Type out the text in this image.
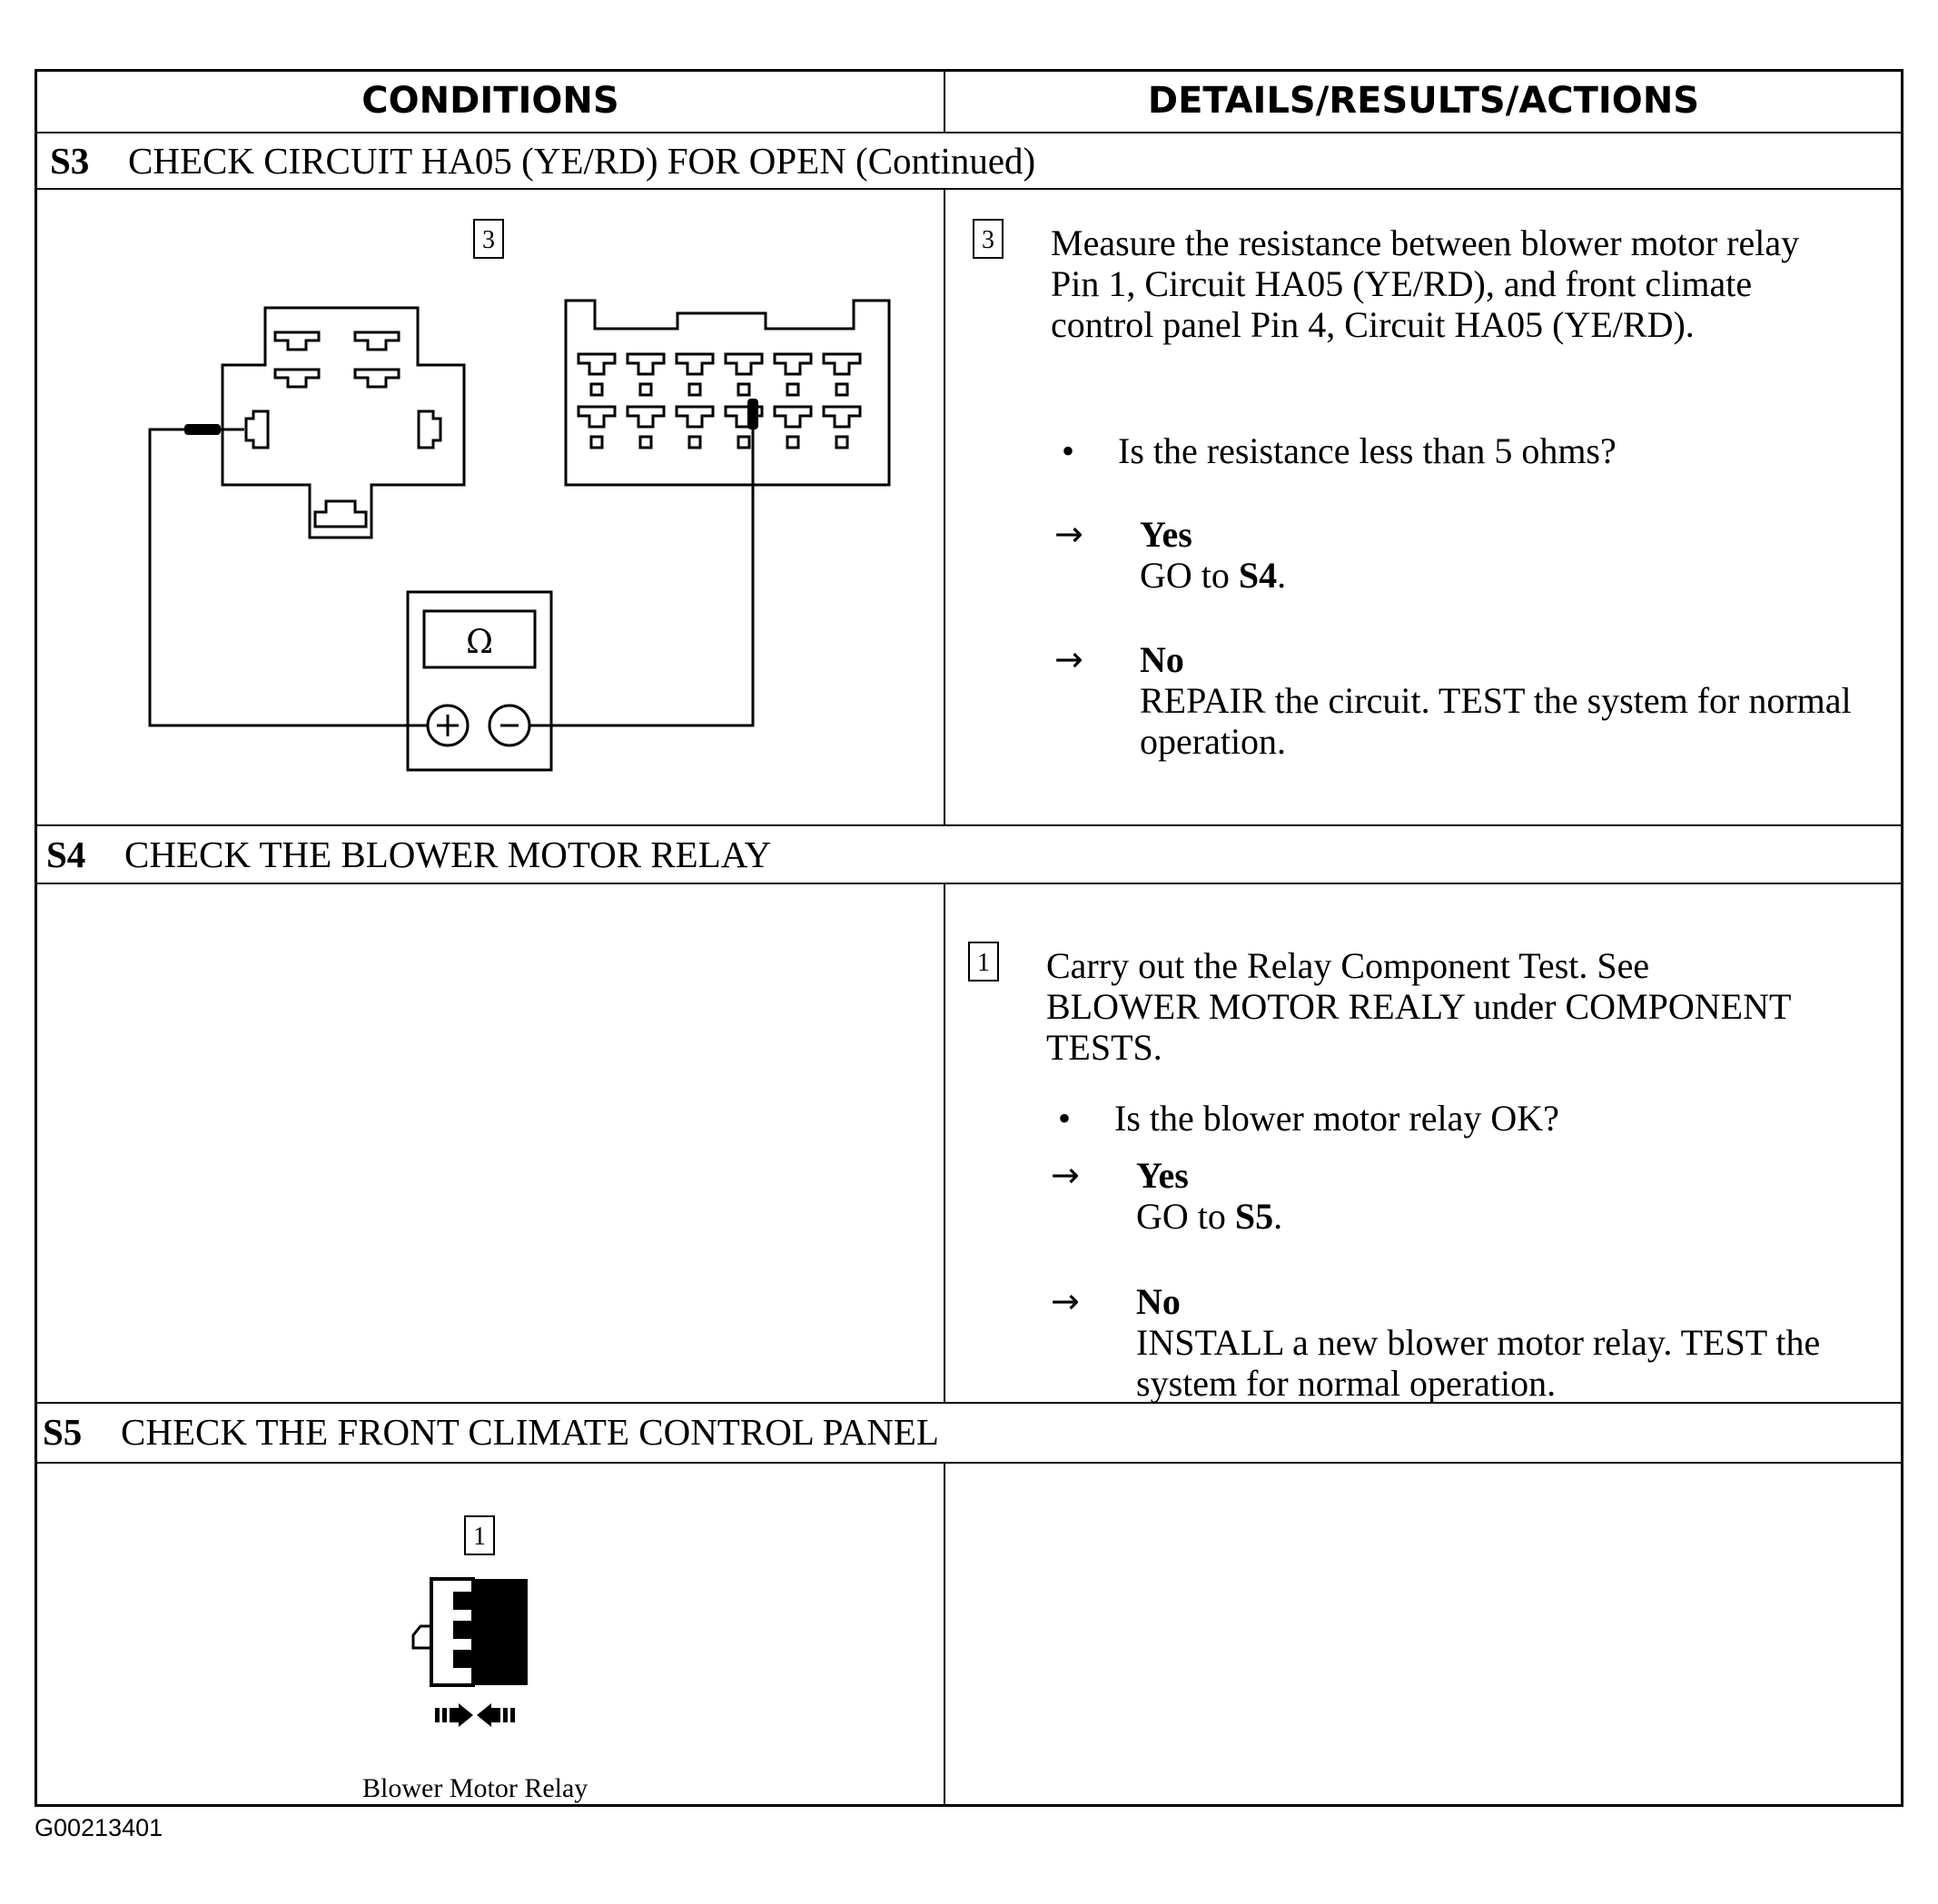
CONDITIONS	DETAILS/RESULTS/ACTIONS
S3 CHECK CIRCUIT HA05 (YE/RD) FOR OPEN (Continued)
S4 CHECK THE BLOWER MOTOR RELAY
S5 CHECK THE FRONT CLIMATE CONTROL PANEL
3
Ω
3 Measure the resistance between blower motor relay Pin 1, Circuit HA05 (YE/RD), and front climate control panel Pin 4, Circuit HA05 (YE/RD).
• Is the resistance less than 5 ohms?
→ Yes
GO to S4.
→ No
REPAIR the circuit. TEST the system for normal operation.
1 Carry out the Relay Component Test. See BLOWER MOTOR REALY under COMPONENT TESTS.
• Is the blower motor relay OK?
→ Yes
GO to S5.
→ No
INSTALL a new blower motor relay. TEST the system for normal operation.
1
Blower Motor Relay
G00213401
